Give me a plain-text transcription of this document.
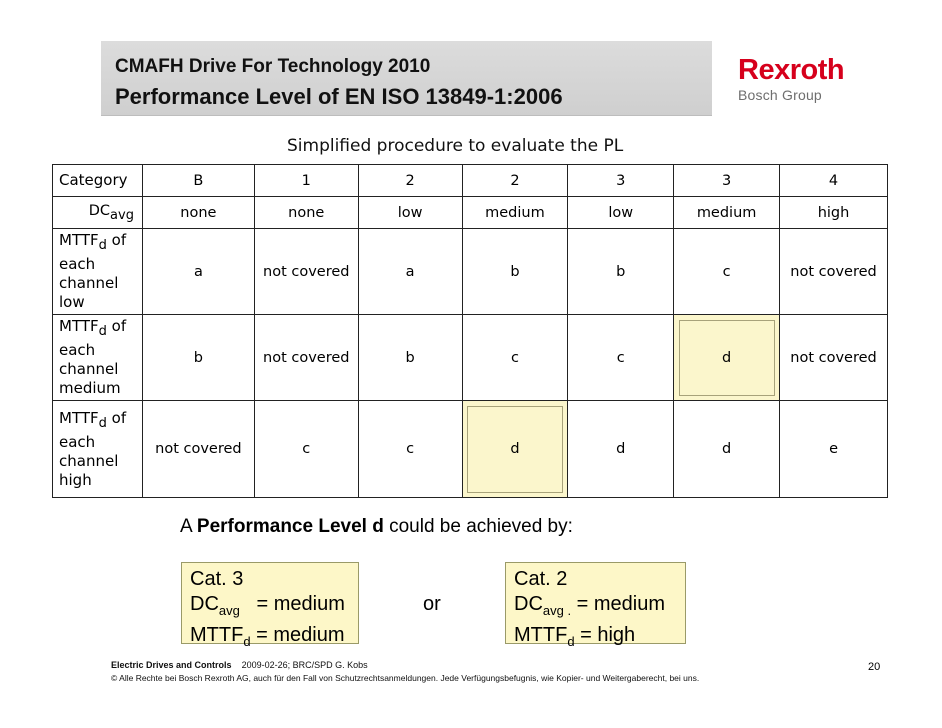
CMAFH Drive For Technology 2010
Performance Level of EN ISO 13849-1:2006
Rexroth
Bosch Group
Simplified procedure to evaluate the PL
Category	B	1	2	2	3	3	4
$DC_{avg}$	none	none	low	medium	low	medium	high
$MTTF_d$ of
each
channel
low	a	not covered	a	b	b	c	not covered
$MTTF_d$ of
each
channel
medium	b	not covered	b	c	c	d	not covered
$MTTF_d$ of
each
channel
high	not covered	c	c	d	d	d	e
A Performance Level d could be achieved by:
Cat. 3
$DC_{avg}$   = medium
$MTTF_d$ = medium
or
Cat. 2
$DC_{avg .}$ = medium
$MTTF_d$ = high
Electric Drives and Controls 2009-02-26; BRC/SPD G. Kobs
© Alle Rechte bei Bosch Rexroth AG, auch für den Fall von Schutzrechtsanmeldungen. Jede Verfügungsbefugnis, wie Kopier- und Weitergaberecht, bei uns.
20
